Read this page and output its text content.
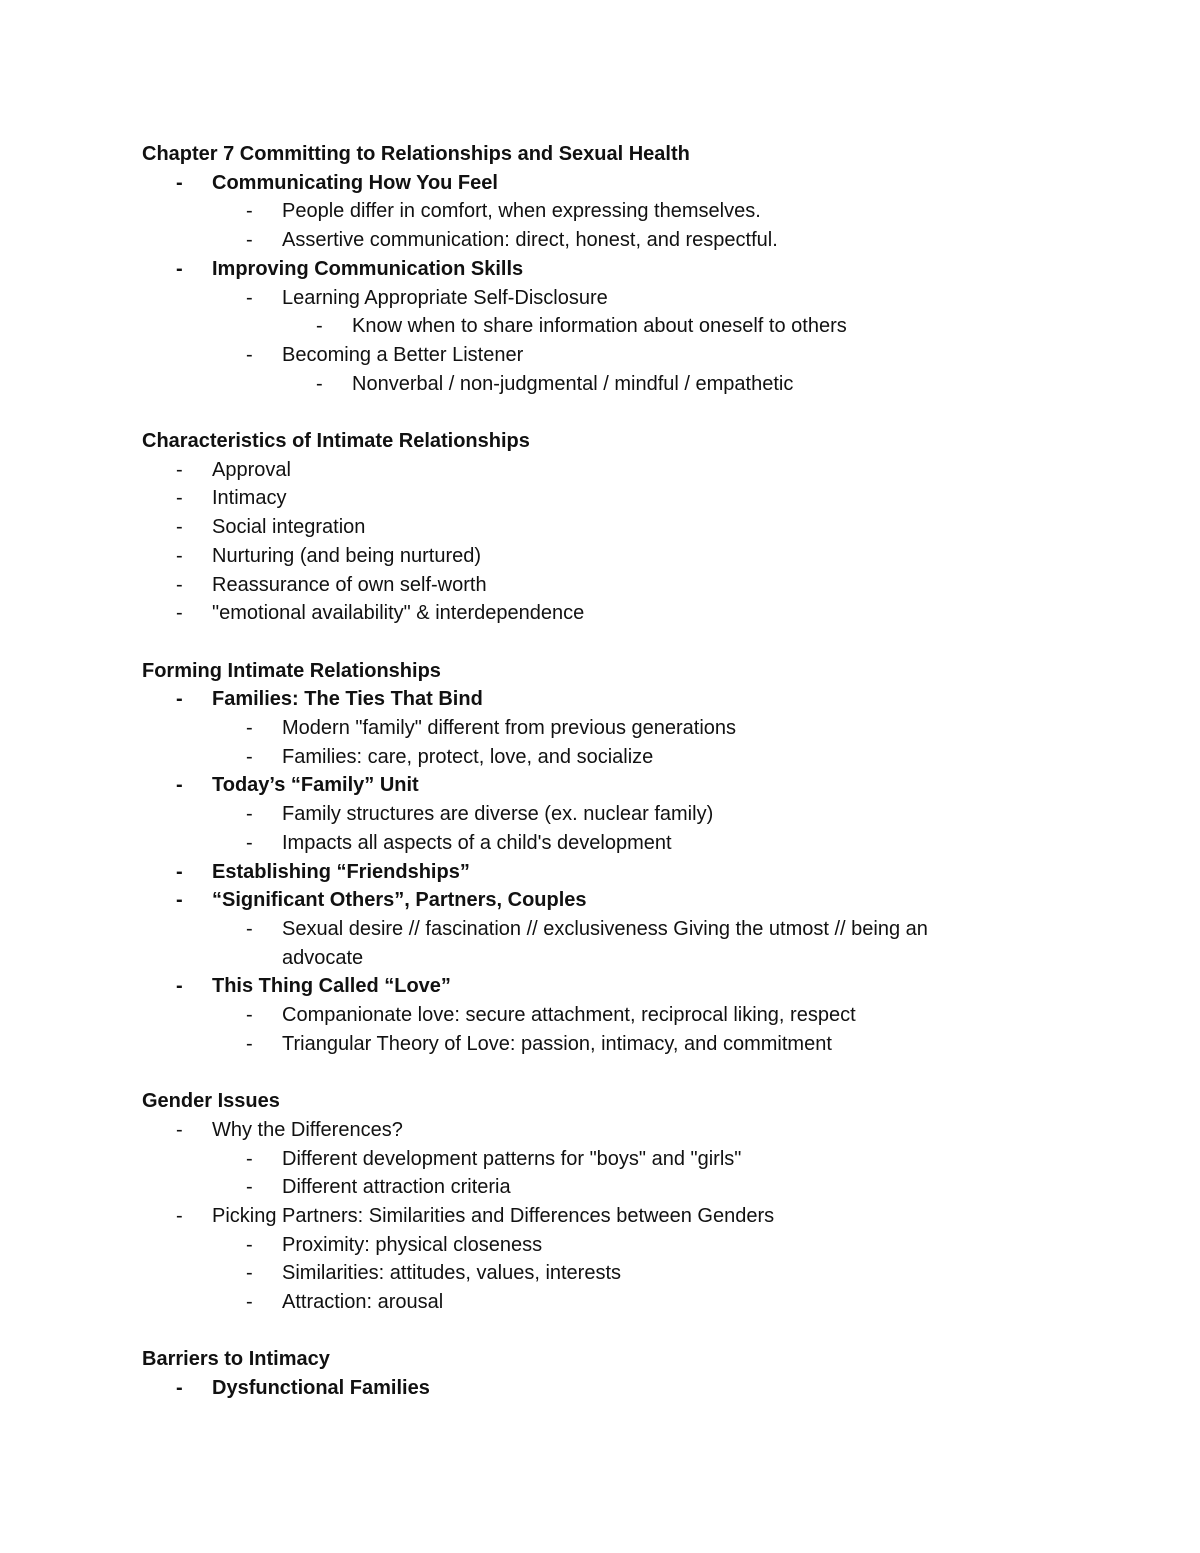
Chapter 7 Committing to Relationships and Sexual Health
-	Communicating How You Feel
-	People differ in comfort, when expressing themselves.
-	Assertive communication: direct, honest, and respectful.
-	Improving Communication Skills
-	Learning Appropriate Self-Disclosure
-	Know when to share information about oneself to others
-	Becoming a Better Listener
-	Nonverbal / non-judgmental / mindful / empathetic
Characteristics of Intimate Relationships
-	Approval
-	Intimacy
-	Social integration
-	Nurturing (and being nurtured)
-	Reassurance of own self-worth
-	"emotional availability" & interdependence
Forming Intimate Relationships
-	Families: The Ties That Bind
-	Modern "family" different from previous generations
-	Families: care, protect, love, and socialize
-	Today’s “Family” Unit
-	Family structures are diverse (ex. nuclear family)
-	Impacts all aspects of a child's development
-	Establishing “Friendships”
-	“Significant Others”, Partners, Couples
-	Sexual desire // fascination // exclusiveness Giving the utmost // being an advocate
-	This Thing Called “Love”
-	Companionate love: secure attachment, reciprocal liking, respect
-	Triangular Theory of Love: passion, intimacy, and commitment
Gender Issues
-	Why the Differences?
-	Different development patterns for "boys" and "girls"
-	Different attraction criteria
-	Picking Partners: Similarities and Differences between Genders
-	Proximity: physical closeness
-	Similarities: attitudes, values, interests
-	Attraction: arousal
Barriers to Intimacy
-	Dysfunctional Families
